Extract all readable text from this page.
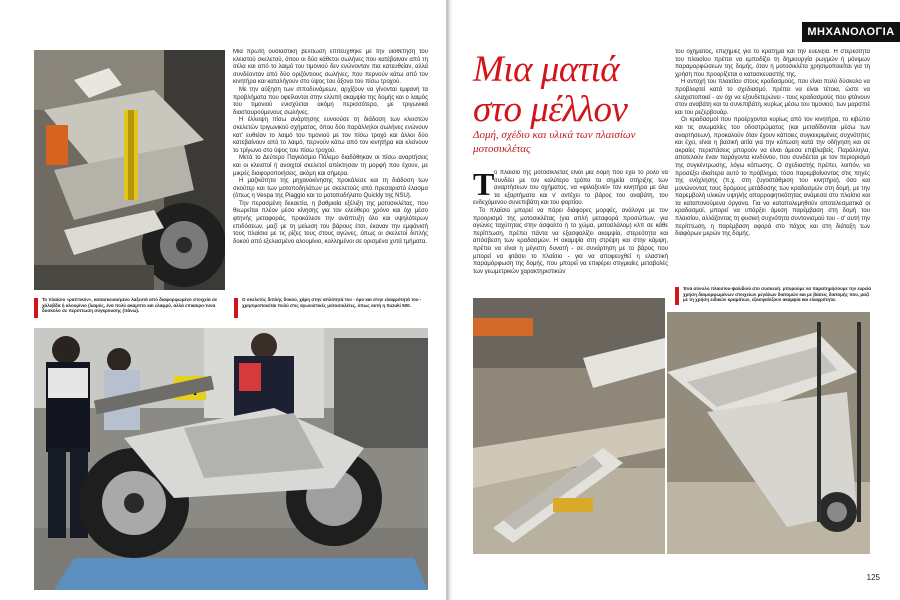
Μία πρώτη ουσιαστική βελτίωση επιτεύχθηκε με την υιοθέτηση του κλειστού σκελετού, όπου οι δύο κάθετοι σωλήνες που κατέβαιναν από τη σέλα και από το λαιμό του τιμονιού δεν ενώνονταν πια κατευθείαν, αλλά συνδέονταν από δύο οριζόντιους σωλήνες, που περνούν κάτω από τον κινητήρα και καταλήγουν στο ύψος του άξονα του πίσω τροχού.

Με την αύξηση των ιπποδυνάμεων, αρχίζουν να γίνονται εμφανή τα προβλήματα που οφείλονται στην ελλιπή ακαμψία της δομής και ο λαιμός του τιμονιού ενισχύεται ακόμη περισσότερο, με τριγωνικά διασταυρούμενους σωλήνες.

Η έλλειψη πίσω ανάρτησης ευνοούσε τη διάδοση των κλειστών σκελετών τριγωνικού σχήματος, όπου δύο παράλληλοι σωλήνες ενώνουν κατ' ευθείαν το λαιμό του τιμονιού με τον πίσω τροχό και άλλοι δύο κατεβαίνουν από το λαιμό, περνούν κάτω από τον κινητήρα και κλείνουν το τρίγωνο στο ύψος του πίσω τροχού.

Μετά το Δεύτερο Παγκόσμιο Πόλεμο διαδόθηκαν οι πίσω αναρτήσεις και οι κλειστοί ή ανοιχτοί σκελετοί απέκτησαν τη μορφή που έχουν, με μικρές διαφοροποιήσεις, ακόμη και σήμερα.

Η μαζικότητα της μηχανοκίνησης προκάλεσε και τη διάδοση των σκούτερ και των μοτοποδηλάτων με σκελετούς από πρεσαριστό έλασμα (όπως η Vespa της Piaggio και το μοτοποδήλατο Quickly της NSU).

Την περασμένη δεκαετία, η βαθμιαία εξέλιξη της μοτοσικλέτας, που θεωρείται πλέον μέσο κίνησης για τον ελεύθερο χρόνο και όχι μέσο φτηνής μεταφοράς, προκάλεσε την ανάπτυξη όλο και υψηλότερων επιδόσεων, μαζί με τη μείωση του βάρους έτσι, έκαναν την εμφάνισή τους πλαίσια με τις ρίζες τους στους αγώνες, όπως οι σκελετοί διπλής δοκού από εξελασμένο αλουμίνιο, κολλημένοι σε ορισμένα χυτά τμήματα.

Το πλαίσιο «ραπτικόν», κατασκευασμένο λαξευτά από διαφορφωμένο στοιχεία σε χάλυβδα ή αλουμίνιο (λαιμός, ένα πολύ ακαμπτο και ελαφρύ, αλλά επικαιρο-τυνα δυσκολο σε περιπτωση σύγκρουσης (πάνω).
Ο σκελετός διπλής δοκού, χάρη στην απλότητά του - όμο και στην ελαφρότητά του - χρησιμοποιείται πολύ στις αγωνιστικές μοτοσικλέτες, όπως αυτή η Suzuki 500.
ΜΗΧΑΝΟΛΟΓΙΑ
Μια ματιά
στο μέλλον
Δομή, σχέδιο και υλικά των πλαισίων μοτοσικλέτας

Τ ο πλαίσιο της μοτοσικλέτας είναι μια δομή που έχει το ρόλο να συνδέει με τον καλύτερο τρόπο τα σημεία στήριξης των αναρτήσεων του οχήματος, να «φιλοξενεί» τον κινητήρα με όλα τα εξαρτήματα και ν' αντέχει το βάρος του αναβάτη, του ενδεχόμενου συνεπιβάτη και του φορτίου.

Το πλαίσιο μπορεί να πάρει διάφορες μορφές, ανάλογα με τον προορισμό της μοτοσικλέτας (για απλή μεταφορά προσώπων, για αγώνες ταχύτητας στην άσφαλτο ή το χώμα, μοτοσλάλομ) κλπ σε κάθε περίπτωση, πρέπει πάντα να εξασφαλίζει ακαμψία, στερεότητα και απόσβεση των κραδασμών. Η ακαμψία στη στρέψη και στην κάμψη, πρέπει να είναι η μέγιστη δυνατή - σε συνάρτηση με το βάρος που μπορεί να φτάσει το πλαίσιο - για να αποφευχθεί η ελαστική παραμόρφωση της δομής, που μπορεί να επιφέρει στιγμιαίες μεταβολές των γεωμετρικών χαρακτηριστικών

του οχήματος, επιζήμιες για το κράτημα και την ευελιξία. Η στερεότητα του πλαισίου πρέπει να εμποδίζει τη δημιουργία ρωγμών ή μόνιμων παραμορφώσεων της δομής, όταν η μοτοσικλέτα χρησιμοποιείται για τη χρήση που προορίζεται ο κατασκευαστής της.

Η αντοχή του πλαισίου στους κραδασμούς, που είναι πολύ δύσκολο να προβλεφτεί κατά το σχεδιασμό, πρέπει να είναι τέτοια, ώστε να ελαχιστοποιεί - αν όχι να εξουδετερώνει - τους κραδασμούς που φτάνουν στον αναβάτη και το συνεπιβάτη, κυρίως μέσω του τιμονιού, των μαρσπιέ και του ρεζερβουάρ.

Οι κραδασμοί που προέρχονται κυρίως από τον κινητήρα, το κιβώτιο και τις ανωμαλίες του οδοστρώματος (και μεταδίδονται μέσω των αναρτήσεων), προκαλούν όταν έχουν κάποιες συγκεκριμένες συχνότητες και έχει, είναι η βασική αιτία για την κόπωση κατά την οδήγηση και σε ακραίες περιστάσεις μπορούν να είναι άμεσα επιβλαβείς. Παράλληλα, αποτελούν έναν παράγοντα κινδύνου, που συνδέεται με τον περιορισμό της συγκέντρωσης, λόγω κόπωσης. Ο σχεδιαστής πρέπει, λοιπόν, να προσέξει ιδιαίτερα αυτό το πρόβλημα, τόσο παρεμβαίνοντας στις πηγές της ενόχλησης (π.χ. στη ζυγοστάθμιση του κινητήρα), όσο και μονώνοντας τους δρόμους μετάδοσης των κραδασμών στη δομή, με την παρεμβολή υλικών υψηλής απορροφητικότητας ανάμεσα στο πλαίσιο και τα καταπονούμενα όργανα. Για να καταπολεμηθούν αποτελεσματικά οι κραδασμοί, μπορεί να υπάρξει άμεση παρέμβαση στη δομή του πλαισίου, αλλάζοντας τη φυσική συχνότητα συντονισμού του - σ' αυτή την περίπτωση, η παρέμβαση αφορά στο πάχος και στη διάταξη των διαφόρων μερών της δομής.

Ένα σύνολο πλαισίου-ψαλιδιού στο συσκευή: μπορούμε να παρατηρήσουμε την ευρεία χρήση διαμορφωμένων στοιχείων μεγάλων διατομών και με βάσεις διατομής που, μαζί με τη χρήση ειδικών κραμάτων, εξασφαλίζουν ακαμψία και ελαφρότητα.
125
